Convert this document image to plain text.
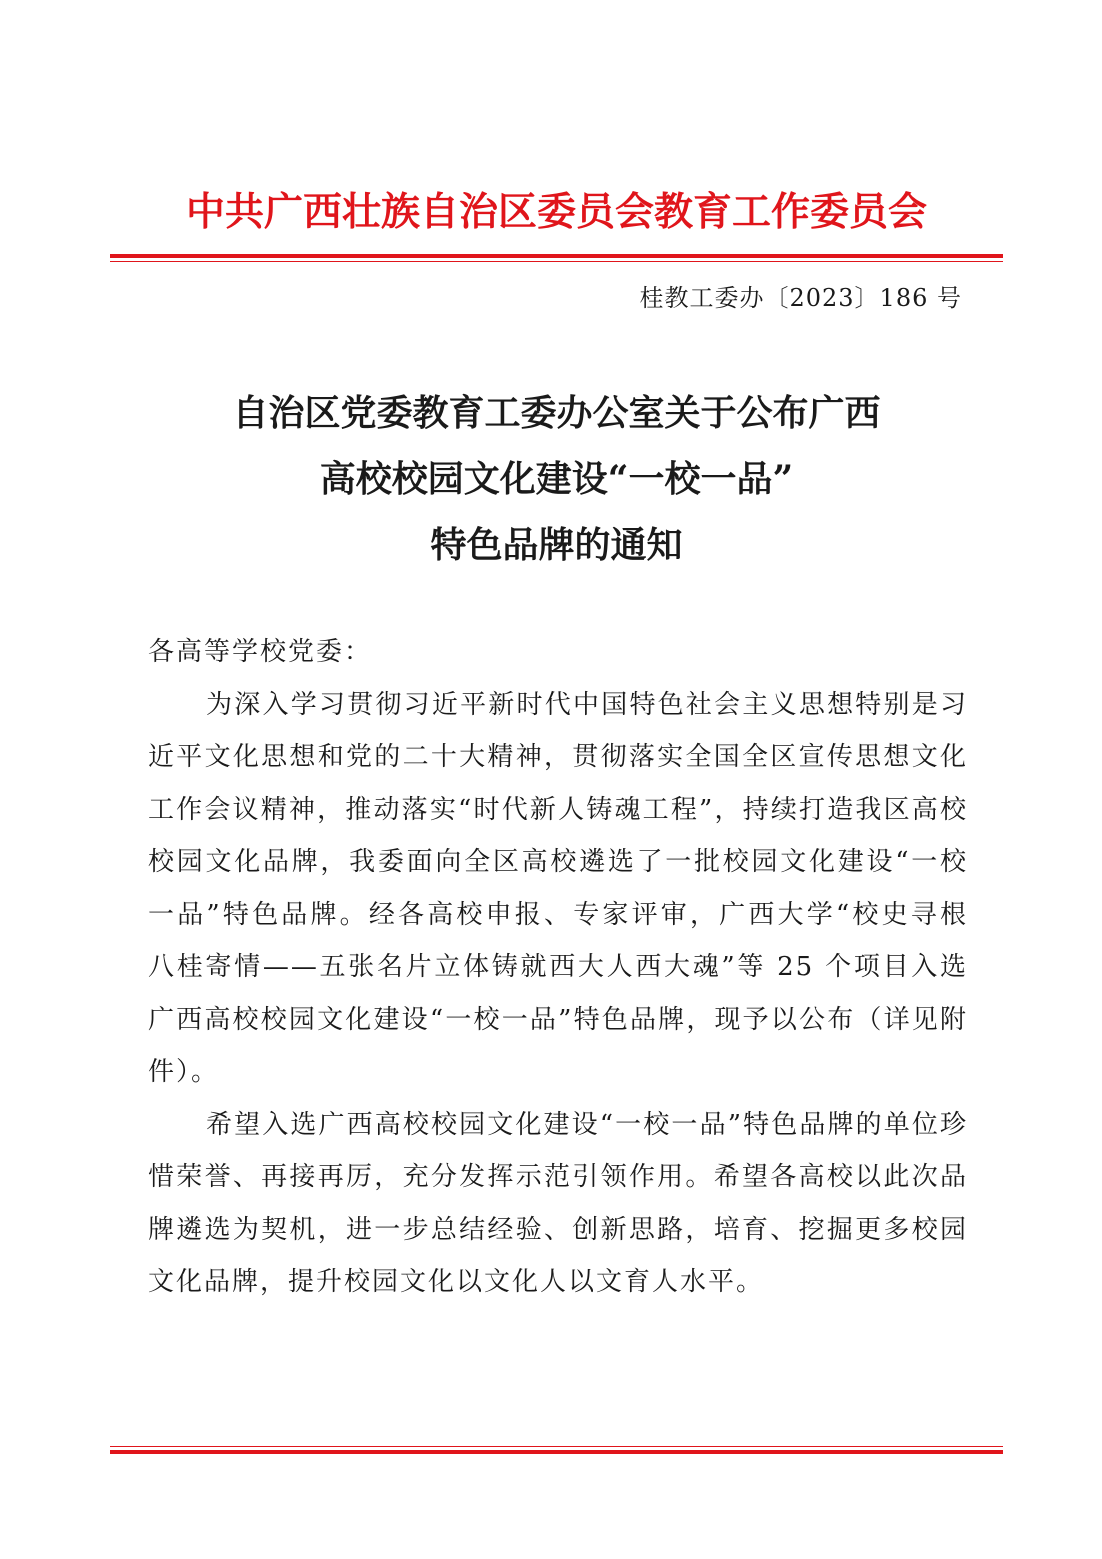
中共广西壮族自治区委员会教育工作委员会
桂教工委办〔2023〕186 号
自治区党委教育工委办公室关于公布广西
高校校园文化建设“一校一品”
特色品牌的通知
各高等学校党委：

为深入学习贯彻习近平新时代中国特色社会主义思想特别是习近平文化思想和党的二十大精神，贯彻落实全国全区宣传思想文化工作会议精神，推动落实“时代新人铸魂工程”，持续打造我区高校校园文化品牌，我委面向全区高校遴选了一批校园文化建设“一校一品”特色品牌。经各高校申报、专家评审，广西大学“校史寻根 八桂寄情——五张名片立体铸就西大人西大魂”等 25 个项目入选广西高校校园文化建设“一校一品”特色品牌，现予以公布（详见附件）。

希望入选广西高校校园文化建设“一校一品”特色品牌的单位珍惜荣誉、再接再厉，充分发挥示范引领作用。希望各高校以此次品牌遴选为契机，进一步总结经验、创新思路，培育、挖掘更多校园文化品牌，提升校园文化以文化人以文育人水平。
